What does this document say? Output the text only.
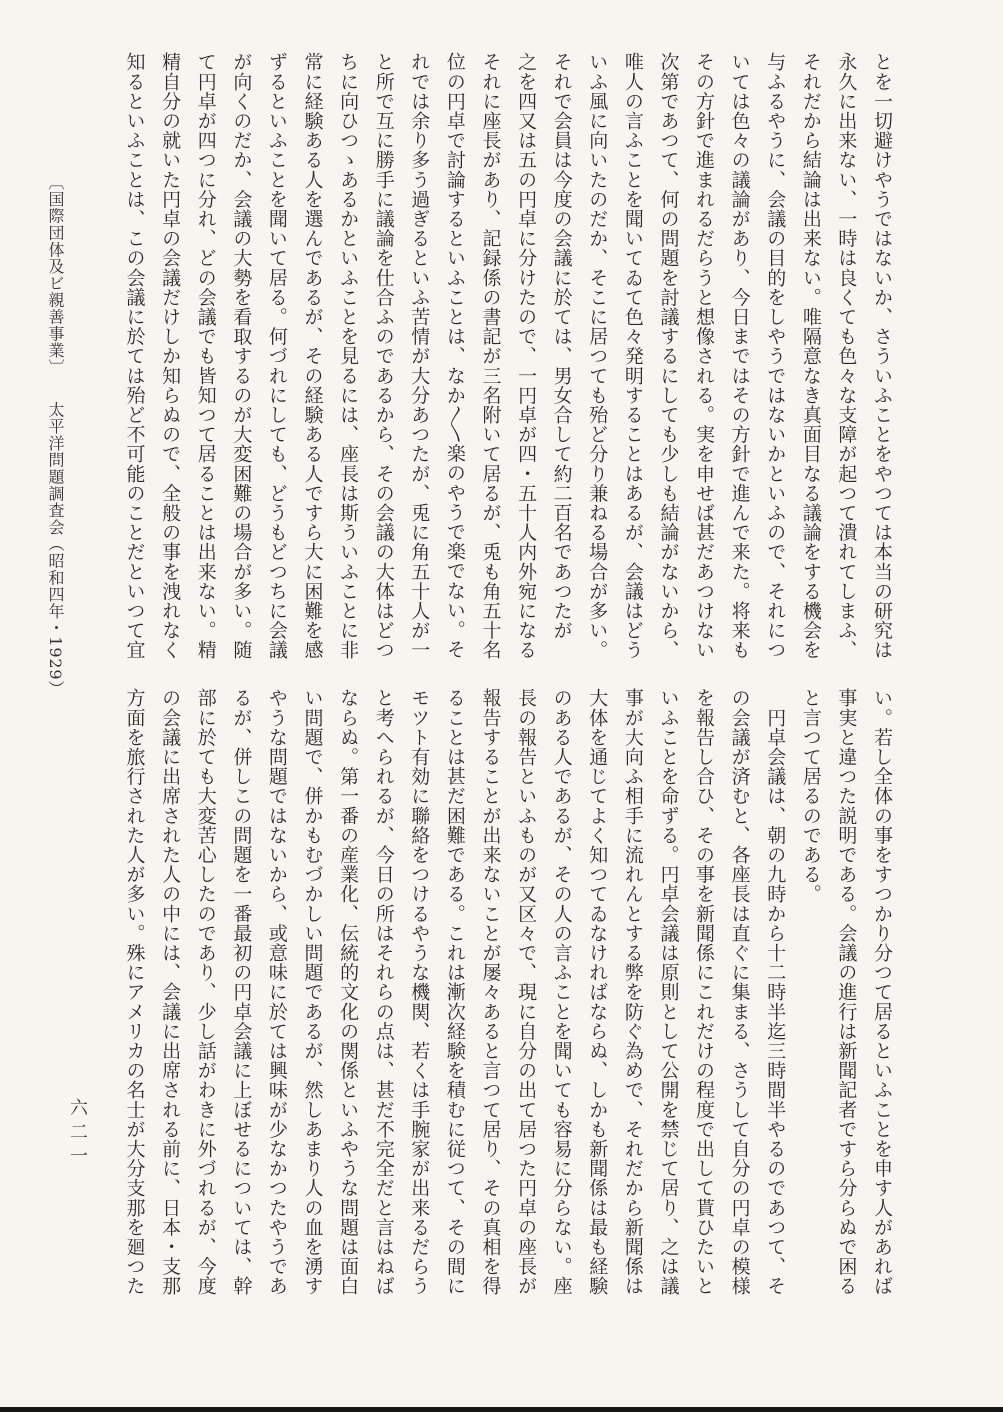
とを一切避けやうではないか、さういふことをやつては本当の研究は
永久に出来ない、一時は良くても色々な支障が起つて潰れてしまふ、
それだから結論は出来ない。唯隔意なき真面目なる議論をする機会を
与ふるやうに、会議の目的をしやうではないかといふので、それにつ
いては色々の議論があり、今日まではその方針で進んで来た。将来も
その方針で進まれるだらうと想像される。実を申せば甚だあつけない
次第であつて、何の問題を討議するにしても少しも結論がないから、
唯人の言ふことを聞いてゐて色々発明することはあるが、会議はどう
いふ風に向いたのだか、そこに居つても殆ど分り兼ねる場合が多い。
それで会員は今度の会議に於ては、男女合して約二百名であつたが
之を四又は五の円卓に分けたので、一円卓が四・五十人内外宛になる
それに座長があり、記録係の書記が三名附いて居るが、兎も角五十名
位の円卓で討論するといふことは、なか〱楽のやうで楽でない。そ
れでは余り多う過ぎるといふ苦情が大分あつたが、兎に角五十人が一
と所で互に勝手に議論を仕合ふのであるから、その会議の大体はどつ
ちに向ひつゝあるかといふことを見るには、座長は斯ういふことに非
常に経験ある人を選んであるが、その経験ある人ですら大に困難を感
ずるといふことを聞いて居る。何づれにしても、どうもどつちに会議
が向くのだか、会議の大勢を看取するのが大変困難の場合が多い。随
て円卓が四つに分れ、どの会議でも皆知つて居ることは出来ない。精
精自分の就いた円卓の会議だけしか知らぬので、全般の事を洩れなく
知るといふことは、この会議に於ては殆ど不可能のことだといつて宜
〔国際団体及ビ親善事業〕　　太平洋問題調査会（昭和四年・1929）
い。若し全体の事をすつかり分つて居るといふことを申す人があれば
事実と違つた説明である。会議の進行は新聞記者ですら分らぬで困る
と言つて居るのである。
　円卓会議は、朝の九時から十二時半迄三時間半やるのであつて、そ
の会議が済むと、各座長は直ぐに集まる、さうして自分の円卓の模様
を報告し合ひ、その事を新聞係にこれだけの程度で出して貰ひたいと
いふことを命ずる。円卓会議は原則として公開を禁じて居り、之は議
事が大向ふ相手に流れんとする弊を防ぐ為めで、それだから新聞係は
大体を通じてよく知つてゐなければならぬ、しかも新聞係は最も経験
のある人であるが、その人の言ふことを聞いても容易に分らない。座
長の報告といふものが又区々で、現に自分の出て居つた円卓の座長が
報告することが出来ないことが屡々あると言つて居り、その真相を得
ることは甚だ困難である。これは漸次経験を積むに従つて、その間に
モツト有効に聯絡をつけるやうな機関、若くは手腕家が出来るだらう
と考へられるが、今日の所はそれらの点は、甚だ不完全だと言はねば
ならぬ。第一番の産業化、伝統的文化の関係といふやうな問題は面白
い問題で、併かもむづかしい問題であるが、然しあまり人の血を湧す
やうな問題ではないから、或意味に於ては興味が少なかつたやうであ
るが、併しこの問題を一番最初の円卓会議に上ぼせるについては、幹
部に於ても大変苦心したのであり、少し話がわきに外づれるが、今度
の会議に出席された人の中には、会議に出席される前に、日本・支那
方面を旅行された人が多い。殊にアメリカの名士が大分支那を廻つた
六二一
